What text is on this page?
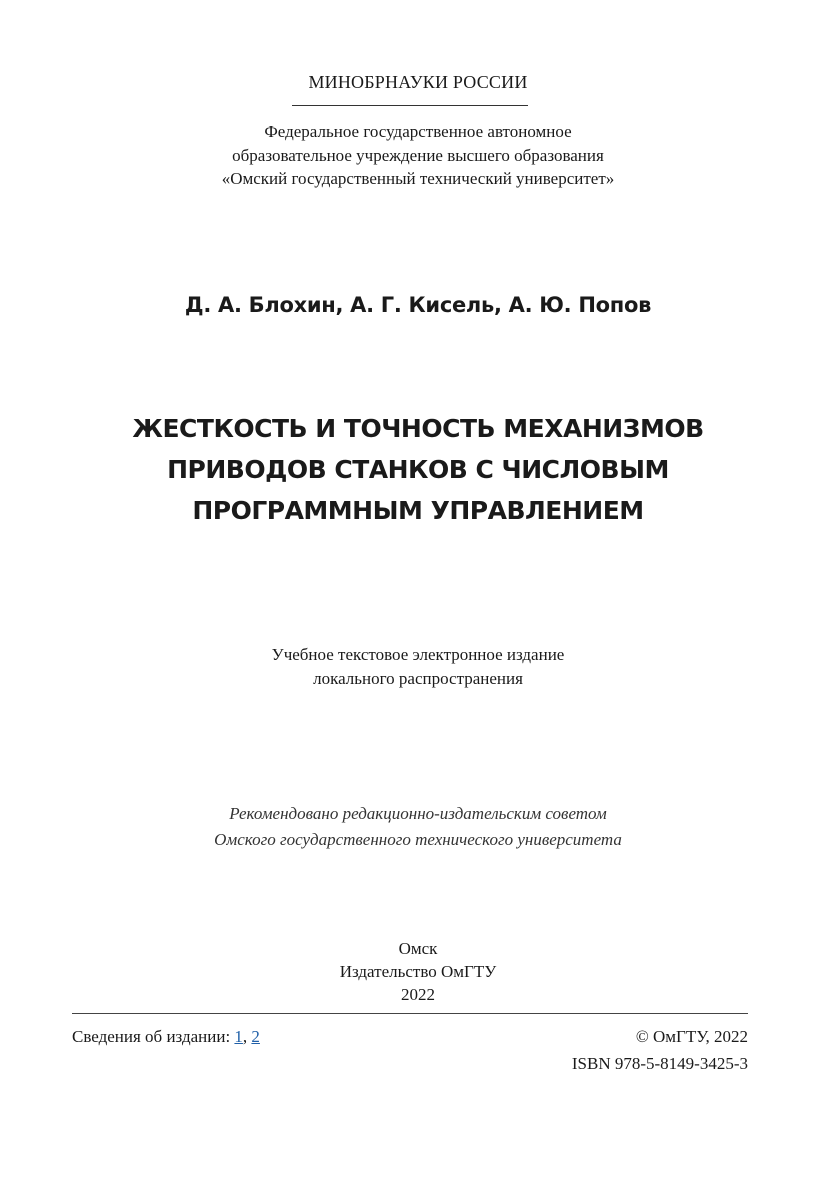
МИНОБРНАУКИ РОССИИ
Федеральное государственное автономное
образовательное учреждение высшего образования
«Омский государственный технический университет»
Д. А. Блохин, А. Г. Кисель, А. Ю. Попов
ЖЕСТКОСТЬ И ТОЧНОСТЬ МЕХАНИЗМОВ
ПРИВОДОВ СТАНКОВ С ЧИСЛОВЫМ
ПРОГРАММНЫМ УПРАВЛЕНИЕМ
Учебное текстовое электронное издание
локального распространения
Рекомендовано редакционно-издательским советом
Омского государственного технического университета
Омск
Издательство ОмГТУ
2022
Сведения об издании: 1, 2	© ОмГТУ, 2022
ISBN 978-5-8149-3425-3
